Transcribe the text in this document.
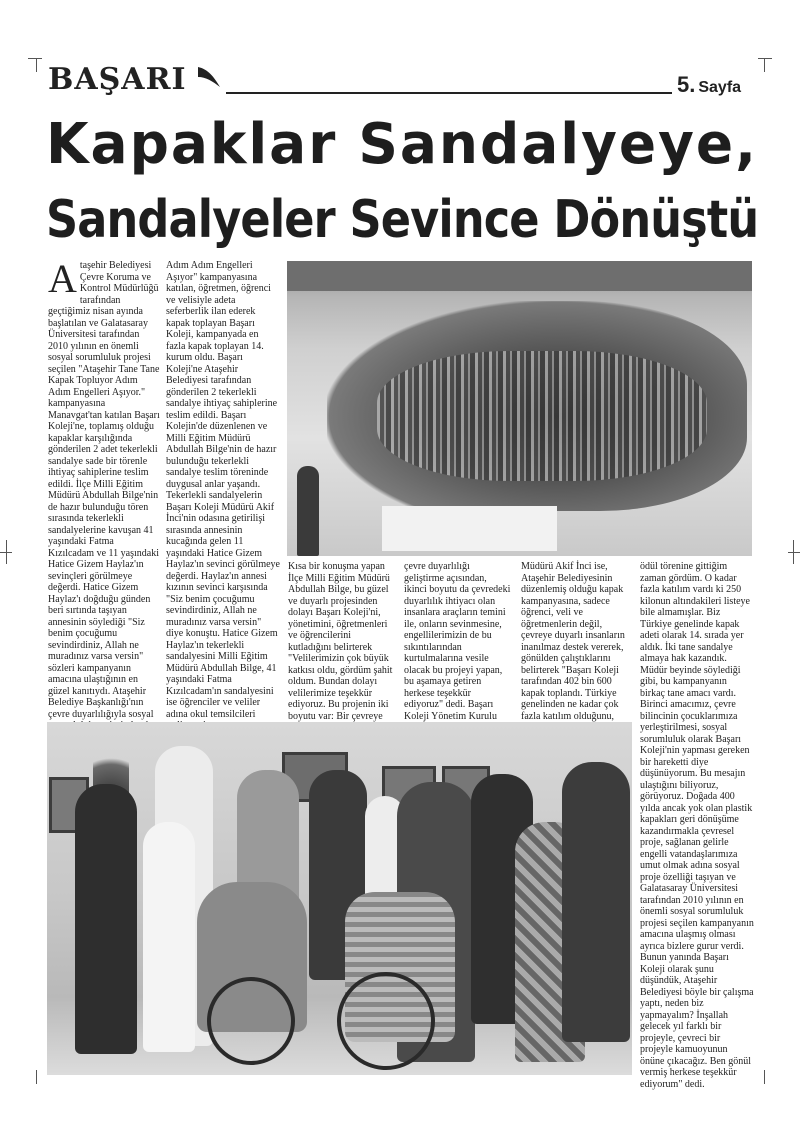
BAŞARI	5. Sayfa
Kapaklar Sandalyeye,
Sandalyeler Sevince Dönüştü
Ataşehir Belediyesi Çevre Koruma ve Kontrol Müdürlüğü tarafından geçtiğimiz nisan ayında başlatılan ve Galatasaray Üniversitesi tarafından 2010 yılının en önemli sosyal sorumluluk projesi seçilen "Ataşehir Tane Tane Kapak Topluyor Adım Adım Engelleri Aşıyor." kampanyasına Manavgat'tan katılan Başarı Koleji'ne, toplamış olduğu kapaklar karşılığında gönderilen 2 adet tekerlekli sandalye sade bir törenle ihtiyaç sahiplerine teslim edildi. İlçe Milli Eğitim Müdürü Abdullah Bilge'nin de hazır bulunduğu tören sırasında tekerlekli sandalyelerine kavuşan 41 yaşındaki Fatma Kızılcadam ve 11 yaşındaki Hatice Gizem Haylaz'ın sevinçleri görülmeye değerdi. Hatice Gizem Haylaz'ı doğduğu günden beri sırtında taşıyan annesinin söylediği "Siz benim çocuğumu sevindirdiniz, Allah ne muradınız varsa versin" sözleri kampanyanın amacına ulaştığının en güzel kanıtıydı. Ataşehir Belediye Başkanlığı'nın çevre duyarlılığıyla sosyal
Adım Adım Engelleri Aşıyor" kampanyasına katılan, öğretmen, öğrenci ve velisiyle adeta seferberlik ilan ederek kapak toplayan Başarı Koleji, kampanyada en fazla kapak toplayan 14. kurum oldu. Başarı Koleji'ne Ataşehir Belediyesi tarafından gönderilen 2 tekerlekli sandalye ihtiyaç sahiplerine teslim edildi. Başarı Kolejin'de düzenlenen ve Milli Eğitim Müdürü Abdullah Bilge'nin de hazır bulunduğu tekerlekli sandalye teslim töreninde duygusal anlar yaşandı. Tekerlekli sandalyelerin Başarı Koleji Müdürü Akif İnci'nin odasına getirilişi sırasında annesinin kucağında gelen 11 yaşındaki Hatice Gizem Haylaz'ın sevinci görülmeye değerdi. Haylaz'ın annesi kızının sevinci karşısında "Siz benim çocuğumu sevindirdiniz, Allah ne muradınız varsa versin" diye konuştu. Hatice Gizem Haylaz'ın tekerlekli sandalyesini Milli Eğitim Müdürü Abdullah Bilge, 41 yaşındaki Fatma Kızılcadam'ın sandalyesini ise öğrenciler ve veliler adına okul temsilcileri
Kısa bir konuşma yapan İlçe Milli Eğitim Müdürü Abdullah Bilge, bu güzel ve duyarlı projesinden dolayı Başarı Koleji'ni, yönetimini, öğretmenleri ve öğrencilerini kutladığını belirterek "Velilerimizin çok büyük katkısı oldu, gördüm şahit oldum. Bundan dolayı velilerimize teşekkür ediyoruz. Bu projenin iki boyutu var: Bir çevreye
çevre duyarlılığı geliştirme açısından, ikinci boyutu da çevredeki duyarlılık ihtiyacı olan insanlara araçların temini ile, onların sevinmesine, engellilerimizin de bu sıkıntılarından kurtulmalarına vesile olacak bu projeyi yapan, bu aşamaya getiren herkese teşekkür ediyoruz" dedi. Başarı Koleji Yönetim Kurulu
Müdürü Akif İnci ise, Ataşehir Belediyesinin düzenlemiş olduğu kapak kampanyasına, sadece öğrenci, veli ve öğretmenlerin değil, çevreye duyarlı insanların inanılmaz destek vererek, gönülden çalıştıklarını belirterek "Başarı Koleji tarafından 402 bin 600 kapak toplandı. Türkiye genelinden ne kadar çok fazla katılım olduğunu,
ödül törenine gittiğim zaman gördüm. O kadar fazla katılım vardı ki 250 kilonun altındakileri listeye bile almamışlar. Biz Türkiye genelinde kapak adeti olarak 14. sırada yer aldık. İki tane sandalye almaya hak kazandık. Müdür beyinde söylediği gibi, bu kampanyanın birkaç tane amacı vardı. Birinci amacımız, çevre bilincinin çocuklarımıza yerleştirilmesi, sosyal sorumluluk olarak Başarı Koleji'nin yapması gereken bir hareketti diye düşünüyorum. Bu mesajın ulaştığını biliyoruz, görüyoruz. Doğada 400 yılda ancak yok olan plastik kapakları geri dönüşüme kazandırmakla çevresel proje, sağlanan gelirle engelli vatandaşlarımıza umut olmak adına sosyal proje özelliği taşıyan ve Galatasaray Üniversitesi tarafından 2010 yılının en önemli sosyal sorumluluk projesi seçilen kampanyanın amacına ulaşmış olması ayrıca bizlere gurur verdi. Bunun yanında Başarı Koleji olarak şunu düşündük, Ataşehir Belediyesi böyle bir çalışma yaptı, neden biz yapmayalım? İnşallah gelecek yıl farklı bir projeyle, çevreci bir projeyle kamuoyunun önüne çıkacağız. Ben gönül vermiş herkese teşekkür ediyorum" dedi.
